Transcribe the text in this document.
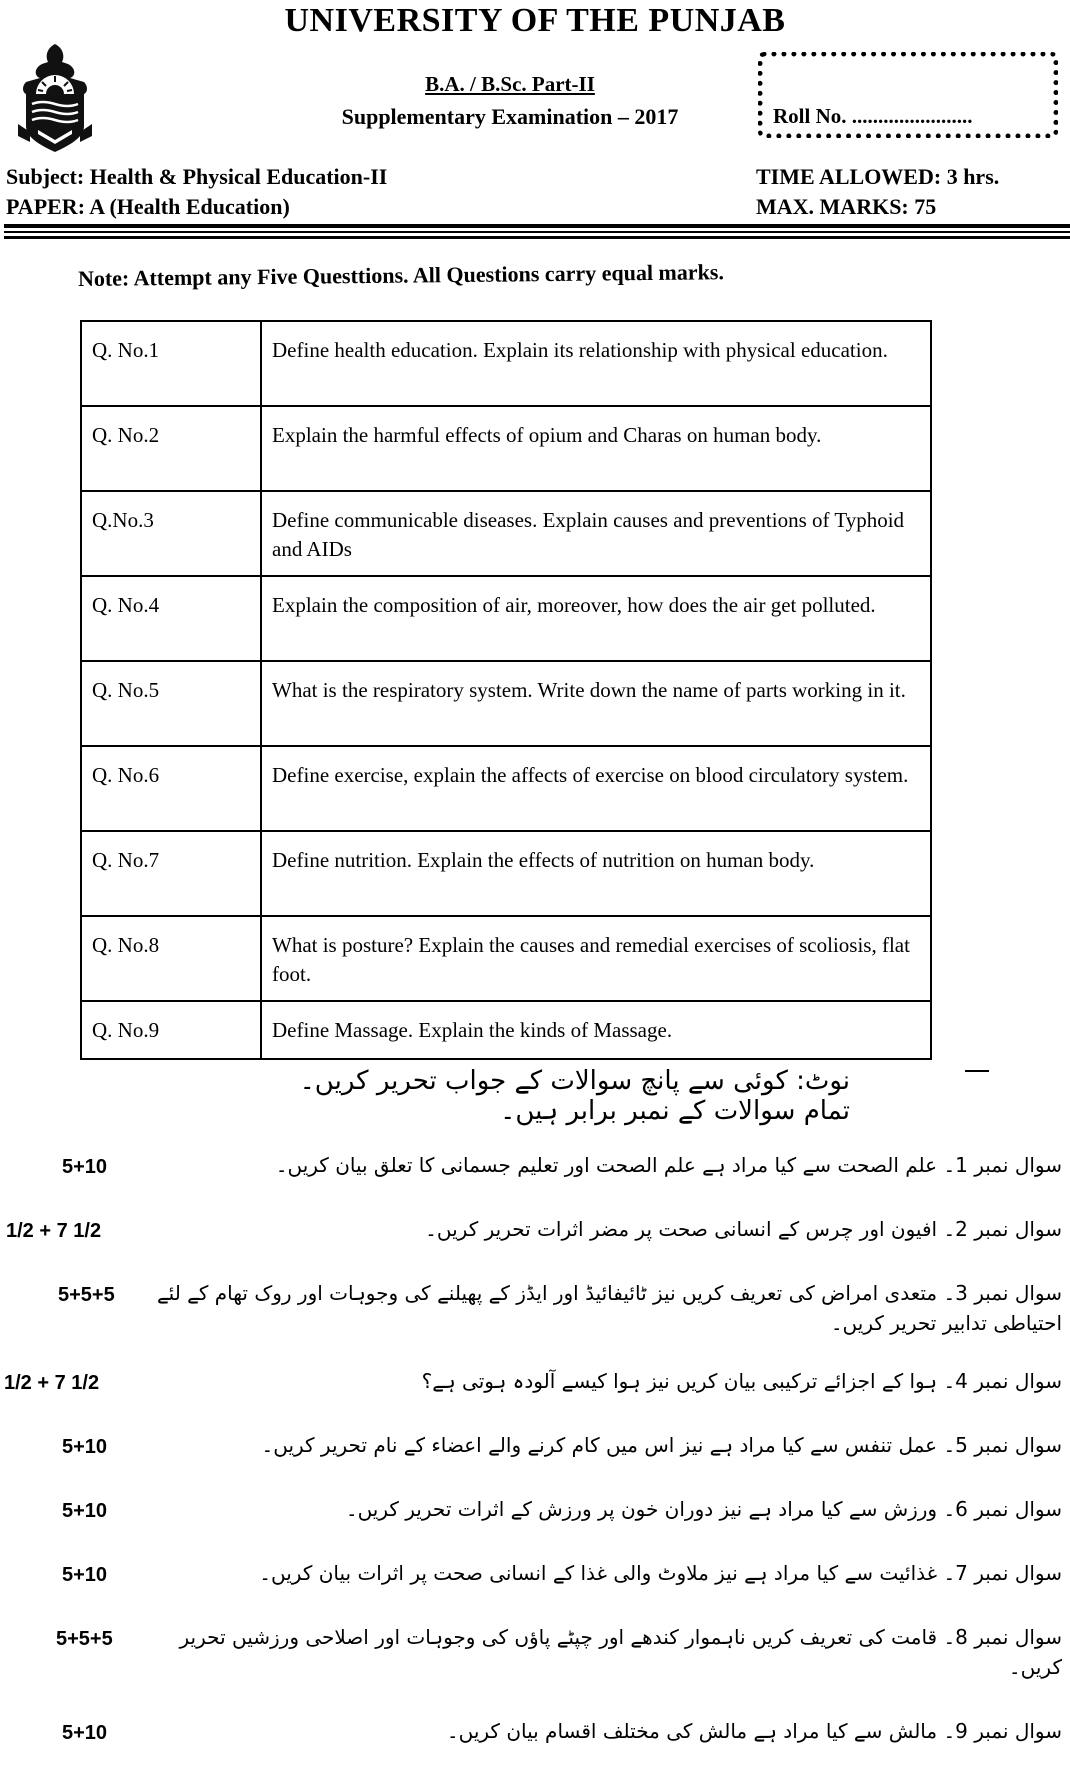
UNIVERSITY OF THE PUNJAB
B.A. / B.Sc. Part-II
Supplementary Examination – 2017	Roll No. .......................
Subject: Health & Physical Education-II
PAPER: A (Health Education)
TIME ALLOWED: 3 hrs.
MAX. MARKS: 75
Note: Attempt any Five Questtions. All Questions carry equal marks.
Q. No.1	Define health education. Explain its relationship with physical education.
Q. No.2	Explain the harmful effects of opium and Charas on human body.
Q.No.3	Define communicable diseases. Explain causes and preventions of Typhoid and AIDs
Q. No.4	Explain the composition of air, moreover, how does the air get polluted.
Q. No.5	What is the respiratory system. Write down the name of parts working in it.
Q. No.6	Define exercise, explain the affects of exercise on blood circulatory system.
Q. No.7	Define nutrition. Explain the effects of nutrition on human body.
Q. No.8	What is posture? Explain the causes and remedial exercises of scoliosis, flat foot.
Q. No.9	Define Massage. Explain the kinds of Massage.
نوٹ: کوئی سے پانچ سوالات کے جواب تحریر کریں۔ تمام سوالات کے نمبر برابر ہیں۔
5+10	سوال نمبر 1۔ علم الصحت سے کیا مراد ہے علم الصحت اور تعلیم جسمانی کا تعلق بیان کریں۔
1/2 + 7 1/2	سوال نمبر 2۔ افیون اور چرس کے انسانی صحت پر مضر اثرات تحریر کریں۔
5+5+5	سوال نمبر 3۔ متعدی امراض کی تعریف کریں نیز ٹائیفائیڈ اور ایڈز کے پھیلنے کی وجوہات اور روک تھام کے لئے احتیاطی تدابیر تحریر کریں۔
1/2 + 7 1/2	سوال نمبر 4۔ ہوا کے اجزائے ترکیبی بیان کریں نیز ہوا کیسے آلودہ ہوتی ہے؟
5+10	سوال نمبر 5۔ عمل تنفس سے کیا مراد ہے نیز اس میں کام کرنے والے اعضاء کے نام تحریر کریں۔
5+10	سوال نمبر 6۔ ورزش سے کیا مراد ہے نیز دوران خون پر ورزش کے اثرات تحریر کریں۔
5+10	سوال نمبر 7۔ غذائیت سے کیا مراد ہے نیز ملاوٹ والی غذا کے انسانی صحت پر اثرات بیان کریں۔
5+5+5	سوال نمبر 8۔ قامت کی تعریف کریں ناہموار کندھے اور چپٹے پاؤں کی وجوہات اور اصلاحی ورزشیں تحریر کریں۔
5+10	سوال نمبر 9۔ مالش سے کیا مراد ہے مالش کی مختلف اقسام بیان کریں۔
